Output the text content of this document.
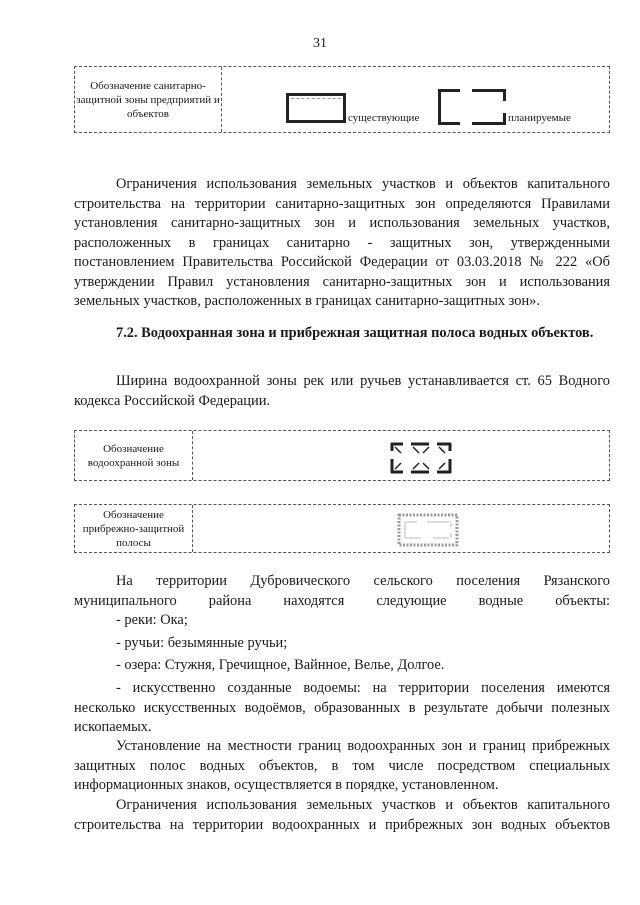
31
Обозначение санитарно-защитной зоны предприятий и объектов	существующие	планируемые

Ограничения использования земельных участков и объектов капитального строительства на территории санитарно-защитных зон определяются Правилами установления санитарно-защитных зон и использования земельных участков, расположенных в границах санитарно - защитных зон, утвержденными постановлением Правительства Российской Федерации от 03.03.2018 № 222 «Об утверждении Правил установления санитарно-защитных зон и использования земельных участков, расположенных в границах санитарно-защитных зон».

7.2. Водоохранная зона и прибрежная защитная полоса водных объектов.

Ширина водоохранной зоны рек или ручьев устанавливается ст. 65 Водного кодекса Российской Федерации.

Обозначение водоохранной зоны
Обозначение прибрежно-защитной полосы

На территории Дубровического сельского поселения Рязанского муниципального района находятся следующие водные объекты:

- реки: Ока;

- ручьи: безымянные ручьи;

- озера: Стужня, Гречищное, Вайнное, Велье, Долгое.

- искусственно созданные водоемы: на территории поселения имеются несколько искусственных водоёмов, образованных в результате добычи полезных ископаемых.

Установление на местности границ водоохранных зон и границ прибрежных защитных полос водных объектов, в том числе посредством специальных информационных знаков, осуществляется в порядке, установленном.

Ограничения использования земельных участков и объектов капитального строительства на территории водоохранных и прибрежных зон водных объектов
